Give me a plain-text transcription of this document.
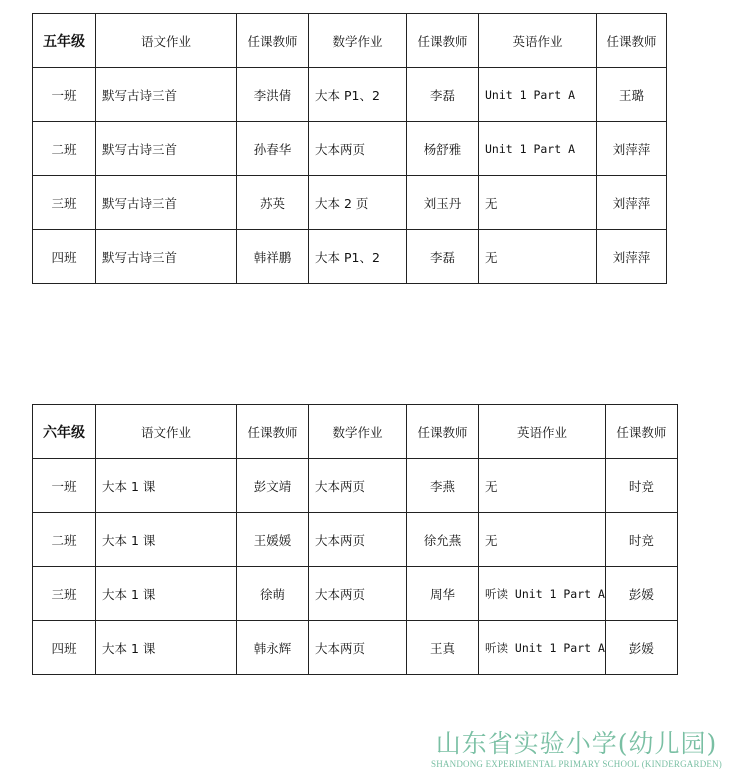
五年级	语文作业	任课教师	数学作业	任课教师	英语作业	任课教师
一班	默写古诗三首	李洪倩	大本 P1、2	李磊	Unit 1 Part A	王璐
二班	默写古诗三首	孙春华	大本两页	杨舒雅	Unit 1 Part A	刘萍萍
三班	默写古诗三首	苏英	大本 2 页	刘玉丹	无	刘萍萍
四班	默写古诗三首	韩祥鹏	大本 P1、2	李磊	无	刘萍萍
六年级	语文作业	任课教师	数学作业	任课教师	英语作业	任课教师
一班	大本 1 课	彭文靖	大本两页	李燕	无	时竞
二班	大本 1 课	王媛媛	大本两页	徐允燕	无	时竞
三班	大本 1 课	徐萌	大本两页	周华	听读 Unit 1 Part A	彭媛
四班	大本 1 课	韩永辉	大本两页	王真	听读 Unit 1 Part A	彭媛
山东省实验小学(幼儿园)
SHANDONG EXPERIMENTAL PRIMARY SCHOOL (KINDERGARDEN)
